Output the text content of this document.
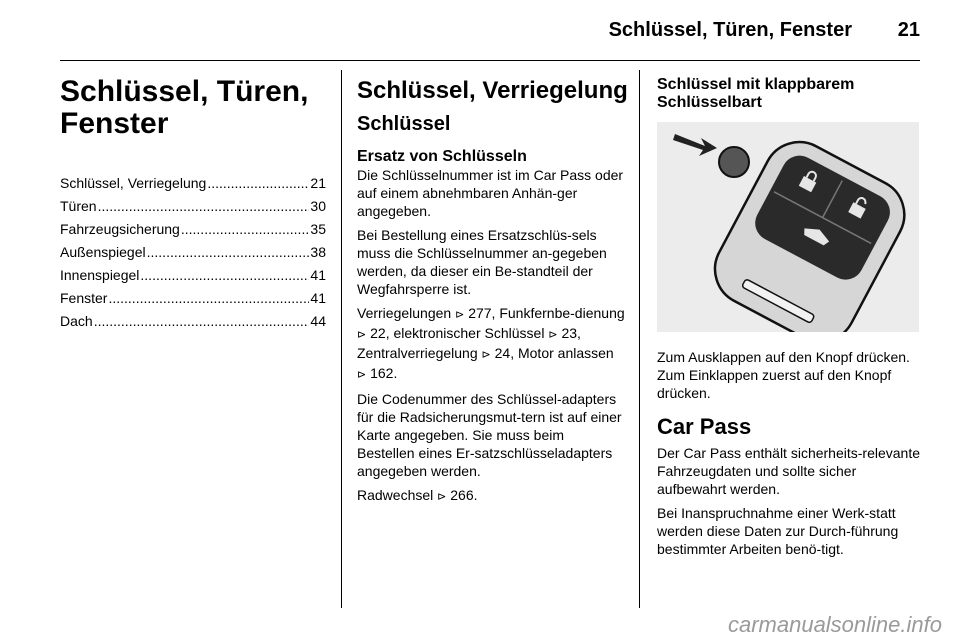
Schlüssel, Türen, Fenster 21
Schlüssel, Türen,
Fenster
Schlüssel, Verriegelung .....	21
Türen .....	30
Fahrzeugsicherung .....	35
Außenspiegel .....	38
Innenspiegel .....	41
Fenster .....	41
Dach .....	44
Schlüssel, Verriegelung
Schlüssel
Ersatz von Schlüsseln

Die Schlüsselnummer ist im Car Pass oder auf einem abnehmbaren Anhän-ger angegeben.

Bei Bestellung eines Ersatzschlüs-sels muss die Schlüsselnummer an-gegeben werden, da dieser ein Be-standteil der Wegfahrsperre ist.

Verriegelungen ⊳ 277, Funkfernbe-dienung ⊳ 22, elektronischer Schlüssel ⊳ 23, Zentralverriegelung ⊳ 24, Motor anlassen ⊳ 162.

Die Codenummer des Schlüssel-adapters für die Radsicherungsmut-tern ist auf einer Karte angegeben. Sie muss beim Bestellen eines Er-satzschlüsseladapters angegeben werden.

Radwechsel ⊳ 266.

Schlüssel mit klappbarem
Schlüsselbart

Zum Ausklappen auf den Knopf drücken. Zum Einklappen zuerst auf den Knopf drücken.

Car Pass

Der Car Pass enthält sicherheits-relevante Fahrzeugdaten und sollte sicher aufbewahrt werden.

Bei Inanspruchnahme einer Werk-statt werden diese Daten zur Durch-führung bestimmter Arbeiten benö-tigt.

carmanualsonline.info
